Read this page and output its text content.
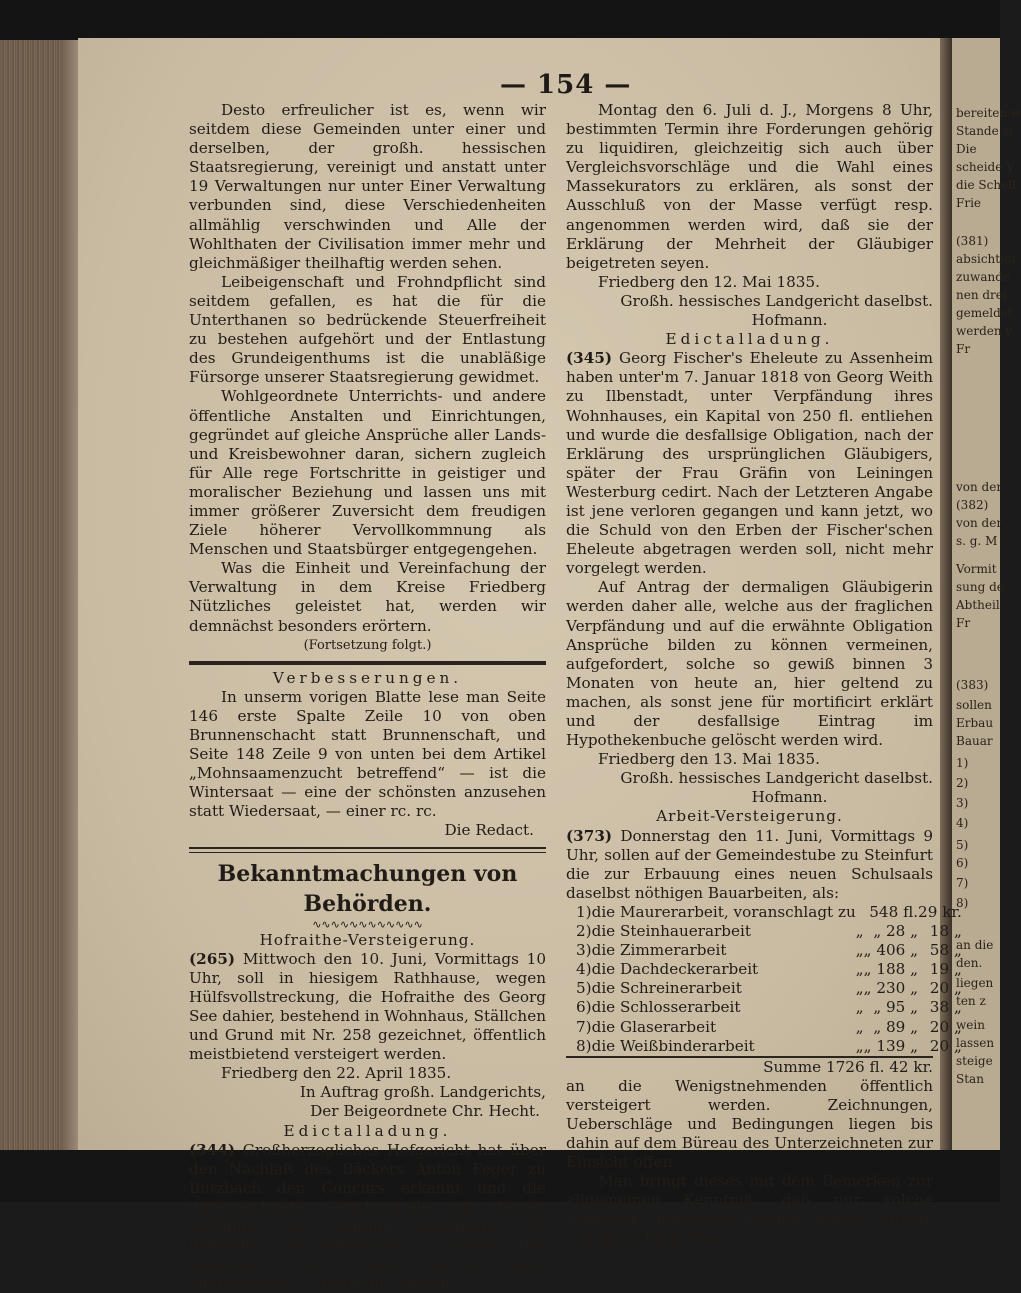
bereiten w
Stande si
Die
scheide V
die Schell
Frie
(381)
absichtigt
zuwande
nen drei
gemeldet
werden v
Fr
von der
(382)
von der
s. g. M
Vormit
sung de
Abtheil
Fr
(383)
sollen
Erbau
Bauar
1)
2)
3)
4)
5)
6)
7)
8)
an die
den.
liegen
ten z
wein
lassen
steige
Stan
— 154 —

Desto erfreulicher ist es, wenn wir seitdem diese Gemeinden unter einer und derselben, der großh. hessischen Staatsregierung, vereinigt und anstatt unter 19 Verwaltungen nur unter Einer Verwaltung verbunden sind, diese Verschiedenheiten allmählig verschwinden und Alle der Wohlthaten der Civilisation immer mehr und gleichmäßiger theilhaftig werden sehen.

Leibeigenschaft und Frohndpflicht sind seitdem gefallen, es hat die für die Unterthanen so bedrückende Steuerfreiheit zu bestehen aufgehört und der Entlastung des Grundeigenthums ist die unabläßige Fürsorge unserer Staatsregierung gewidmet.

Wohlgeordnete Unterrichts- und andere öffentliche Anstalten und Einrichtungen, gegründet auf gleiche Ansprüche aller Lands- und Kreisbewohner daran, sichern zugleich für Alle rege Fortschritte in geistiger und moralischer Beziehung und lassen uns mit immer größerer Zuversicht dem freudigen Ziele höherer Vervollkommnung als Menschen und Staatsbürger entgegengehen.

Was die Einheit und Vereinfachung der Verwaltung in dem Kreise Friedberg Nützliches geleistet hat, werden wir demnächst besonders erörtern.

(Fortsetzung folgt.)

Verbesserungen.

In unserm vorigen Blatte lese man Seite 146 erste Spalte Zeile 10 von oben Brunnenschacht statt Brunnenschaft, und Seite 148 Zeile 9 von unten bei dem Artikel „Mohnsaamenzucht betreffend“ — ist die Wintersaat — eine der schönsten anzusehen statt Wiedersaat, — einer rc. rc.

Die Redact.

Bekanntmachungen von Behörden.

∿∿∿∿∿∿∿∿∿∿∿∿

Hofraithe-Versteigerung.

(265) Mittwoch den 10. Juni, Vormittags 10 Uhr, soll in hiesigem Rathhause, wegen Hülfsvollstreckung, die Hofraithe des Georg See dahier, bestehend in Wohnhaus, Ställchen und Grund mit Nr. 258 gezeichnet, öffentlich meistbietend versteigert werden.

Friedberg den 22. April 1835.

In Auftrag großh. Landgerichts,

Der Beigeordnete Chr. Hecht.

Edictalladung.

(344) Großherzogliches Hofgericht hat über den Nachlaß des Bäckers Anton Feger zu Butzbach den Concurs erkannt und die unterzeichnete Gerichtsstelle mit dessen Eröffnung und Leitung beauftragt. Alle bekannte und unbekannte Gläubiger des gedachten Anton Feger werden daher aufgefordert, so gewiß in dem auf

Montag den 6. Juli d. J., Morgens 8 Uhr, bestimmten Termin ihre Forderungen gehörig zu liquidiren, gleichzeitig sich auch über Vergleichsvorschläge und die Wahl eines Massekurators zu erklären, als sonst der Ausschluß von der Masse verfügt resp. angenommen werden wird, daß sie der Erklärung der Mehrheit der Gläubiger beigetreten seyen.

Friedberg den 12. Mai 1835.

Großh. hessisches Landgericht daselbst.

Hofmann.

Edictalladung.

(345) Georg Fischer's Eheleute zu Assenheim haben unter'm 7. Januar 1818 von Georg Weith zu Ilbenstadt, unter Verpfändung ihres Wohnhauses, ein Kapital von 250 fl. entliehen und wurde die desfallsige Obligation, nach der Erklärung des ursprünglichen Gläubigers, später der Frau Gräfin von Leiningen Westerburg cedirt. Nach der Letzteren Angabe ist jene verloren gegangen und kann jetzt, wo die Schuld von den Erben der Fischer'schen Eheleute abgetragen werden soll, nicht mehr vorgelegt werden.

Auf Antrag der dermaligen Gläubigerin werden daher alle, welche aus der fraglichen Verpfändung und auf die erwähnte Obligation Ansprüche bilden zu können vermeinen, aufgefordert, solche so gewiß binnen 3 Monaten von heute an, hier geltend zu machen, als sonst jene für mortificirt erklärt und der desfallsige Eintrag im Hypothekenbuche gelöscht werden wird.

Friedberg den 13. Mai 1835.

Großh. hessisches Landgericht daselbst.

Hofmann.

Arbeit-Versteigerung.

(373) Donnerstag den 11. Juni, Vormittags 9 Uhr, sollen auf der Gemeindestube zu Steinfurt die zur Erbauung eines neuen Schulsaals daselbst nöthigen Bauarbeiten, als:

1)	die Maurerarbeit, voranschlagt zu		548 fl.	29 kr.
2)	die Steinhauerarbeit	„	„ 28 „	18 „
3)	die Zimmerarbeit	„	„ 406 „	58 „
4)	die Dachdeckerarbeit	„	„ 188 „	19 „
5)	die Schreinerarbeit	„	„ 230 „	20 „
6)	die Schlosserarbeit	„	„ 95 „	38 „
7)	die Glaserarbeit	„	„ 89 „	20 „
8)	die Weißbinderarbeit	„	„ 139 „	20 „

Summe 1726 fl. 42 kr.

an die Wenigstnehmenden öffentlich versteigert werden. Zeichnungen, Ueberschläge und Bedingungen liegen bis dahin auf dem Büreau des Unterzeichneten zur Einsicht offen.

Man bringt dieses mit dem Bemerken zur allgemeinen Kenntniß, daß nur solche Steigerer zugelassen werden, welche Atteste von ihren Bürgermei-
